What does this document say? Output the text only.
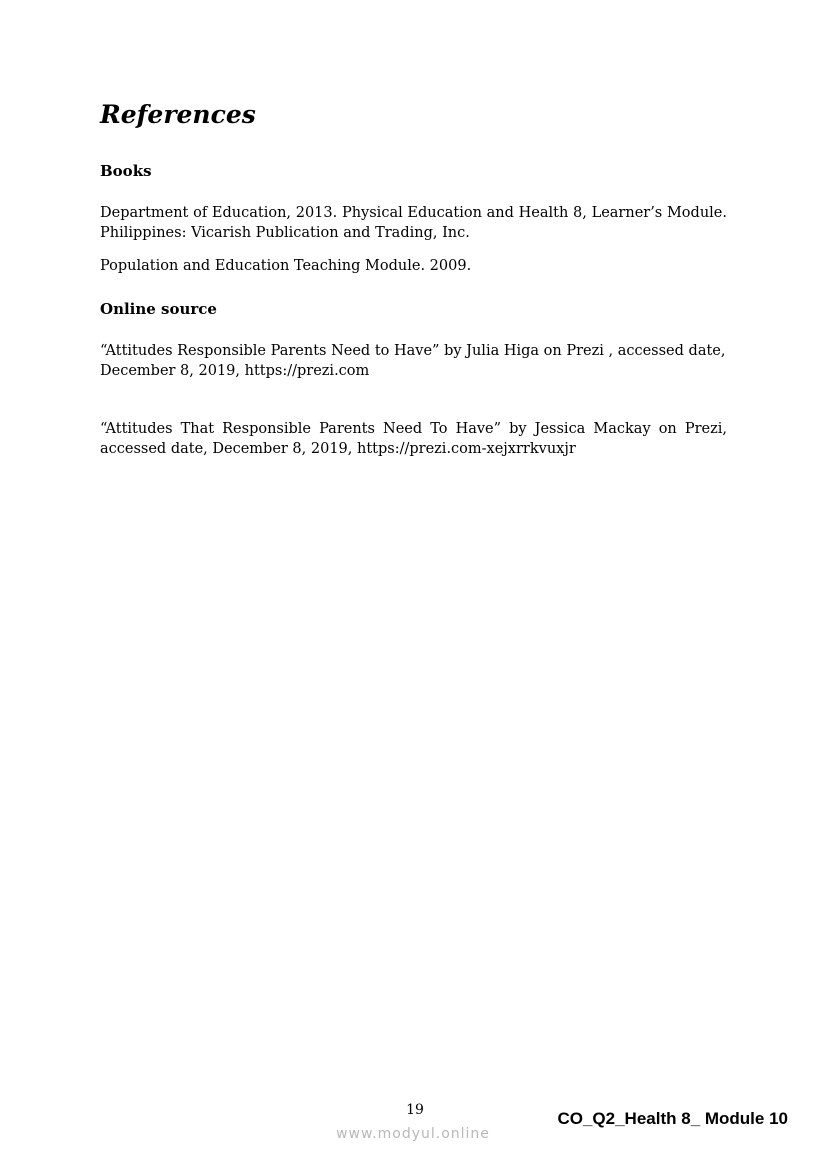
References
Books

Department of Education, 2013. Physical Education and Health 8, Learner’s Module. Philippines: Vicarish Publication and Trading, Inc.

Population and Education Teaching Module. 2009.

Online source

“Attitudes Responsible Parents Need to Have” by Julia Higa on Prezi , accessed date, December 8, 2019, https://prezi.com

“Attitudes That Responsible Parents Need To Have” by Jessica Mackay on Prezi, accessed date, December 8, 2019, https://prezi.com-xejxrrkvuxjr

19	CO_Q2_Health 8_ Module 10
www.modyul.online
